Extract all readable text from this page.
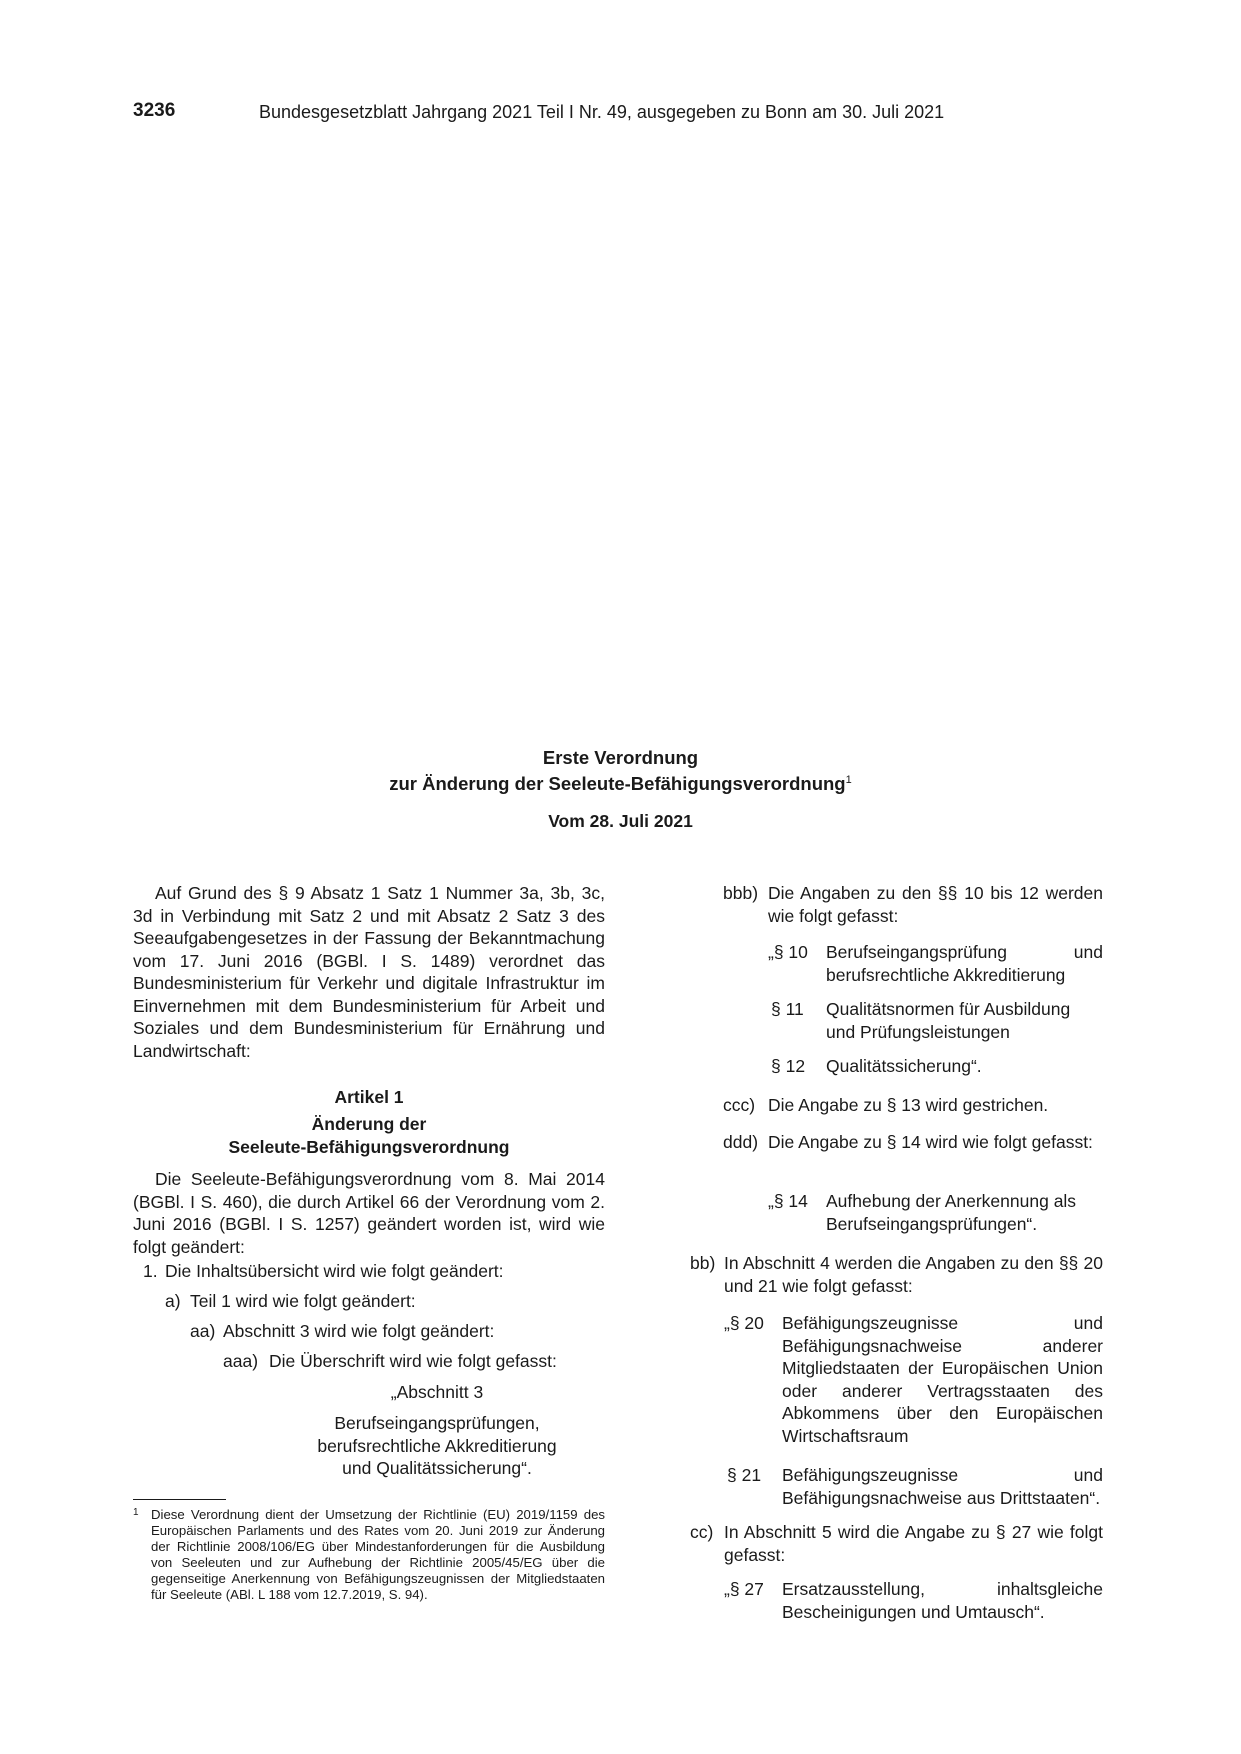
3236	Bundesgesetzblatt Jahrgang 2021 Teil I Nr. 49, ausgegeben zu Bonn am 30. Juli 2021
Erste Verordnung
zur Änderung der Seeleute-Befähigungsverordnung$^1$
Vom 28. Juli 2021
Auf Grund des § 9 Absatz 1 Satz 1 Nummer 3a, 3b, 3c, 3d in Verbindung mit Satz 2 und mit Absatz 2 Satz 3 des Seeaufgabengesetzes in der Fassung der Bekanntmachung vom 17. Juni 2016 (BGBl. I S. 1489) verordnet das Bundesministerium für Verkehr und digitale Infrastruktur im Einvernehmen mit dem Bundesministerium für Arbeit und Soziales und dem Bundesministerium für Ernährung und Landwirtschaft:
Artikel 1
Änderung der
Seeleute-Befähigungsverordnung
Die Seeleute-Befähigungsverordnung vom 8. Mai 2014 (BGBl. I S. 460), die durch Artikel 66 der Verordnung vom 2. Juni 2016 (BGBl. I S. 1257) geändert worden ist, wird wie folgt geändert:
1. Die Inhaltsübersicht wird wie folgt geändert:
a) Teil 1 wird wie folgt geändert:
aa) Abschnitt 3 wird wie folgt geändert:
aaa) Die Überschrift wird wie folgt gefasst:
„Abschnitt 3
Berufseingangsprüfungen,
berufsrechtliche Akkreditierung
und Qualitätssicherung“.
1 Diese Verordnung dient der Umsetzung der Richtlinie (EU) 2019/1159 des Europäischen Parlaments und des Rates vom 20. Juni 2019 zur Änderung der Richtlinie 2008/106/EG über Mindestanforderungen für die Ausbildung von Seeleuten und zur Aufhebung der Richtlinie 2005/45/EG über die gegenseitige Anerkennung von Befähigungszeugnissen der Mitgliedstaaten für Seeleute (ABl. L 188 vom 12.7.2019, S. 94).
bbb) Die Angaben zu den §§ 10 bis 12 werden wie folgt gefasst:
„§ 10	Berufseingangsprüfung und berufsrechtliche Akkreditierung
§ 11	Qualitätsnormen für Ausbildung und Prüfungsleistungen
§ 12	Qualitätssicherung“.
ccc) Die Angabe zu § 13 wird gestrichen.
ddd) Die Angabe zu § 14 wird wie folgt gefasst:
„§ 14	Aufhebung der Anerkennung als Berufseingangsprüfungen“.
bb) In Abschnitt 4 werden die Angaben zu den §§ 20 und 21 wie folgt gefasst:
„§ 20	Befähigungszeugnisse und Befähigungsnachweise anderer Mitgliedstaaten der Europäischen Union oder anderer Vertragsstaaten des Abkommens über den Europäischen Wirtschaftsraum
§ 21	Befähigungszeugnisse und Befähigungsnachweise aus Drittstaaten“.
cc) In Abschnitt 5 wird die Angabe zu § 27 wie folgt gefasst:
„§ 27	Ersatzausstellung, inhaltsgleiche Bescheinigungen und Umtausch“.
